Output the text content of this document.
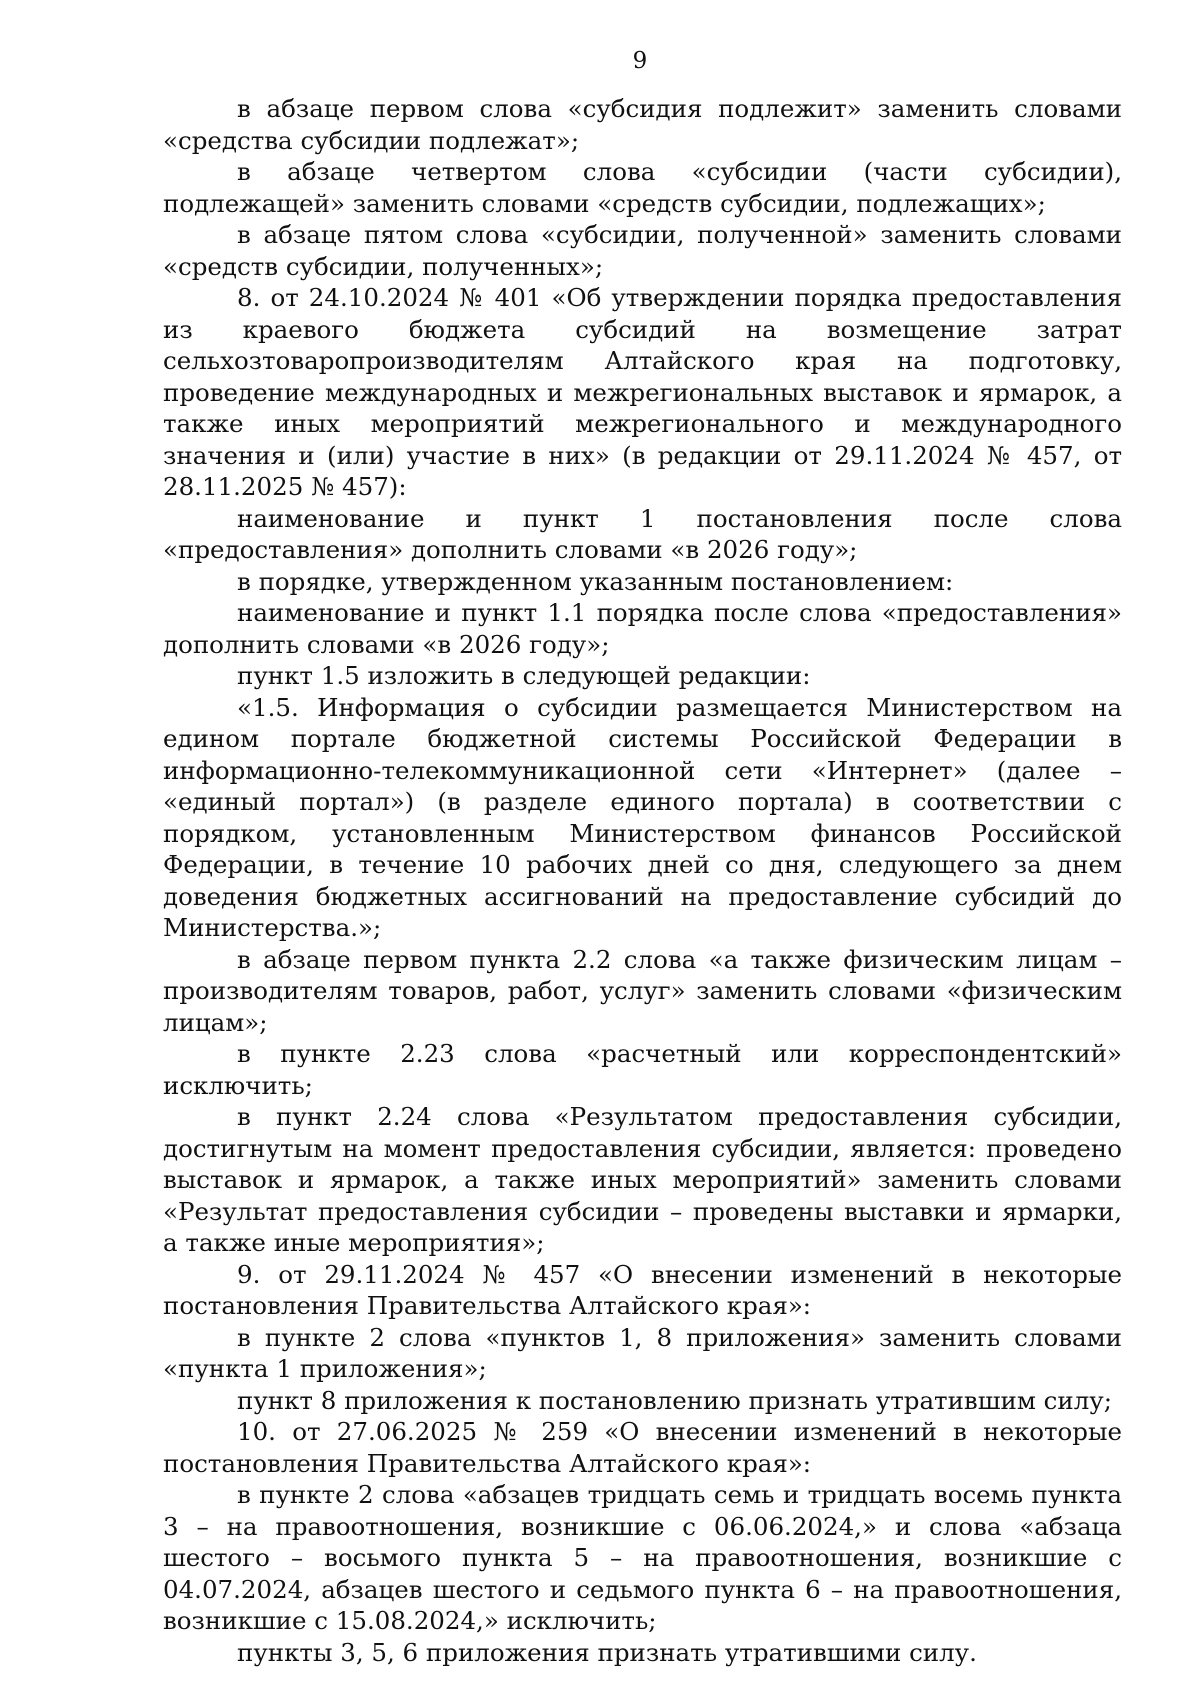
9

в абзаце первом слова «субсидия подлежит» заменить словами «средства субсидии подлежат»;

в абзаце четвертом слова «субсидии (части субсидии), подлежащей» заменить словами «средств субсидии, подлежащих»;

в абзаце пятом слова «субсидии, полученной» заменить словами «средств субсидии, полученных»;

8. от 24.10.2024 № 401 «Об утверждении порядка предоставления из краевого бюджета субсидий на возмещение затрат сельхозтоваропроизводителям Алтайского края на подготовку, проведение международных и межрегиональных выставок и ярмарок, а также иных мероприятий межрегионального и международного значения и (или) участие в них» (в редакции от 29.11.2024 № 457, от 28.11.2025 № 457):

наименование и пункт 1 постановления после слова «предоставления» дополнить словами «в 2026 году»;

в порядке, утвержденном указанным постановлением:

наименование и пункт 1.1 порядка после слова «предоставления» дополнить словами «в 2026 году»;

пункт 1.5 изложить в следующей редакции:

«1.5. Информация о субсидии размещается Министерством на едином портале бюджетной системы Российской Федерации в информационно-телекоммуникационной сети «Интернет» (далее – «единый портал») (в разделе единого портала) в соответствии с порядком, установленным Министерством финансов Российской Федерации, в течение 10 рабочих дней со дня, следующего за днем доведения бюджетных ассигнований на предоставление субсидий до Министерства.»;

в абзаце первом пункта 2.2 слова «а также физическим лицам – производителям товаров, работ, услуг» заменить словами «физическим лицам»;

в пункте 2.23 слова «расчетный или корреспондентский» исключить;

в пункт 2.24 слова «Результатом предоставления субсидии, достигнутым на момент предоставления субсидии, является: проведено выставок и ярмарок, а также иных мероприятий» заменить словами «Результат предоставления субсидии – проведены выставки и ярмарки, а также иные мероприятия»;

9. от 29.11.2024 № 457 «О внесении изменений в некоторые постановления Правительства Алтайского края»:

в пункте 2 слова «пунктов 1, 8 приложения» заменить словами «пункта 1 приложения»;

пункт 8 приложения к постановлению признать утратившим силу;

10. от 27.06.2025 № 259 «О внесении изменений в некоторые постановления Правительства Алтайского края»:

в пункте 2 слова «абзацев тридцать семь и тридцать восемь пункта 3 – на правоотношения, возникшие с 06.06.2024,» и слова «абзаца шестого – восьмого пункта 5 – на правоотношения, возникшие с 04.07.2024, абзацев шестого и седьмого пункта 6 – на правоотношения, возникшие с 15.08.2024,» исключить;

пункты 3, 5, 6 приложения признать утратившими силу.
